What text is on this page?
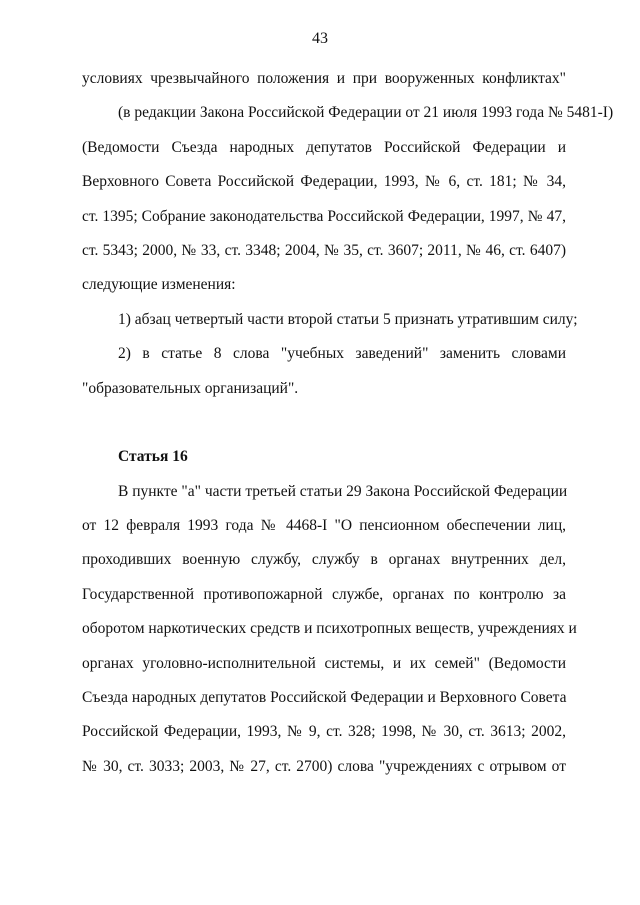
43
условиях чрезвычайного положения и при вооруженных конфликтах"
(в редакции Закона Российской Федерации от 21 июля 1993 года № 5481-I)
(Ведомости Съезда народных депутатов Российской Федерации и
Верховного Совета Российской Федерации, 1993, № 6, ст. 181; № 34,
ст. 1395; Собрание законодательства Российской Федерации, 1997, № 47,
ст. 5343; 2000, № 33, ст. 3348; 2004, № 35, ст. 3607; 2011, № 46, ст. 6407)
следующие изменения:
1) абзац четвертый части второй статьи 5 признать утратившим силу;
2) в статье 8 слова "учебных заведений" заменить словами
"образовательных организаций".
Статья 16
В пункте "а" части третьей статьи 29 Закона Российской Федерации
от 12 февраля 1993 года № 4468-I "О пенсионном обеспечении лиц,
проходивших военную службу, службу в органах внутренних дел,
Государственной противопожарной службе, органах по контролю за
оборотом наркотических средств и психотропных веществ, учреждениях и
органах уголовно-исполнительной системы, и их семей" (Ведомости
Съезда народных депутатов Российской Федерации и Верховного Совета
Российской Федерации, 1993, № 9, ст. 328; 1998, № 30, ст. 3613; 2002,
№ 30, ст. 3033; 2003, № 27, ст. 2700) слова "учреждениях с отрывом от
